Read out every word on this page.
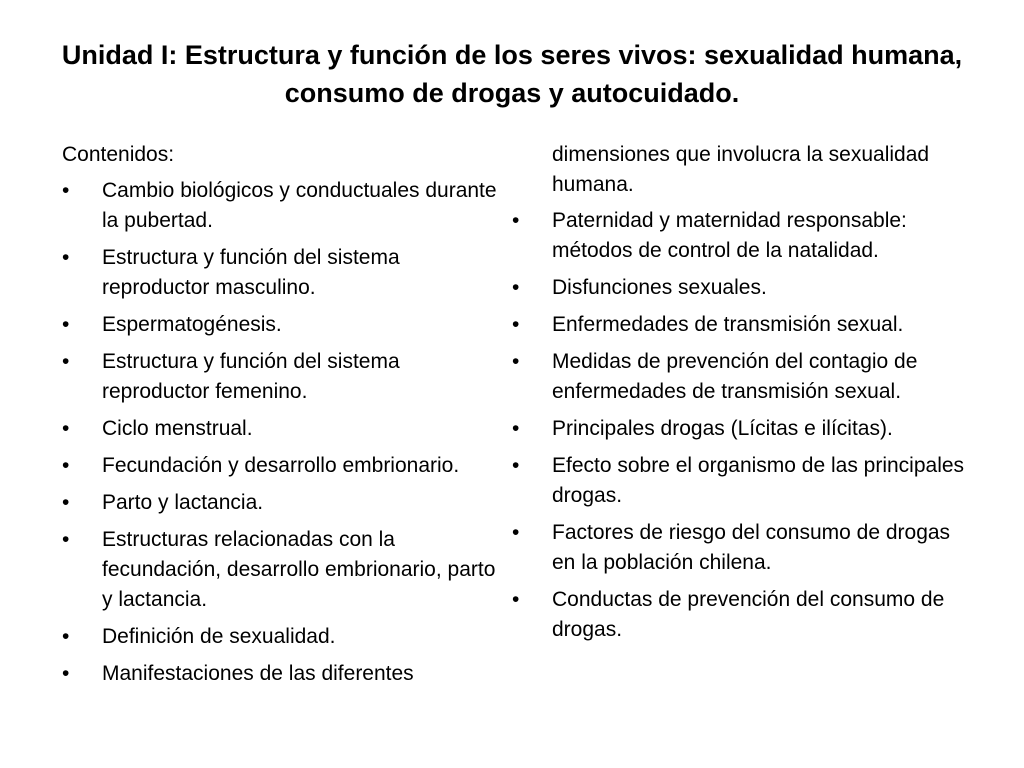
Unidad I: Estructura y función de los seres vivos: sexualidad humana, consumo de drogas y autocuidado.
Contenidos:
•	Cambio biológicos y conductuales durante la pubertad.
•	Estructura y función del sistema reproductor masculino.
•	Espermatogénesis.
•	Estructura y función del sistema reproductor femenino.
•	Ciclo menstrual.
•	Fecundación y desarrollo embrionario.
•	Parto y lactancia.
•	Estructuras relacionadas con la fecundación, desarrollo embrionario, parto y lactancia.
•	Definición de sexualidad.
•	Manifestaciones de las diferentes
dimensiones que involucra la sexualidad humana.
•	Paternidad y maternidad responsable: métodos de control de la natalidad.
•	Disfunciones sexuales.
•	Enfermedades de transmisión sexual.
•	Medidas de prevención del contagio de enfermedades de transmisión sexual.
•	Principales drogas (Lícitas e ilícitas).
•	Efecto sobre el organismo de las principales drogas.
•	Factores de riesgo del consumo de drogas en la población chilena.
•	Conductas de prevención del consumo de drogas.
